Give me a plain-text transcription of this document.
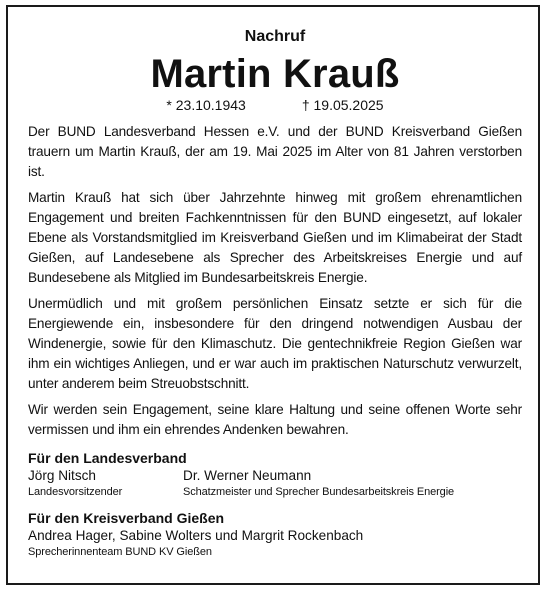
Nachruf
Martin Krauß
* 23.10.1943	† 19.05.2025

Der BUND Landesverband Hessen e.V. und der BUND Kreisverband Gießen trauern um Martin Krauß, der am 19. Mai 2025 im Alter von 81 Jahren verstorben ist.

Martin Krauß hat sich über Jahrzehnte hinweg mit großem ehrenamtlichen Engagement und breiten Fachkenntnissen für den BUND eingesetzt, auf lokaler Ebene als Vorstandsmitglied im Kreisverband Gießen und im Klimabeirat der Stadt Gießen, auf Landesebene als Sprecher des Arbeitskreises Energie und auf Bundesebene als Mitglied im Bundesarbeitskreis Energie.

Unermüdlich und mit großem persönlichen Einsatz setzte er sich für die Energiewende ein, insbesondere für den dringend notwendigen Ausbau der Windenergie, sowie für den Klimaschutz. Die gentechnikfreie Region Gießen war ihm ein wichtiges Anliegen, und er war auch im praktischen Naturschutz verwurzelt, unter anderem beim Streuobstschnitt.

Wir werden sein Engagement, seine klare Haltung und seine offenen Worte sehr vermissen und ihm ein ehrendes Andenken bewahren.

Für den Landesverband
Jörg Nitsch
Landesvorsitzender
Dr. Werner Neumann
Schatzmeister und Sprecher Bundesarbeitskreis Energie
Für den Kreisverband Gießen
Andrea Hager, Sabine Wolters und Margrit Rockenbach
Sprecherinnenteam BUND KV Gießen
